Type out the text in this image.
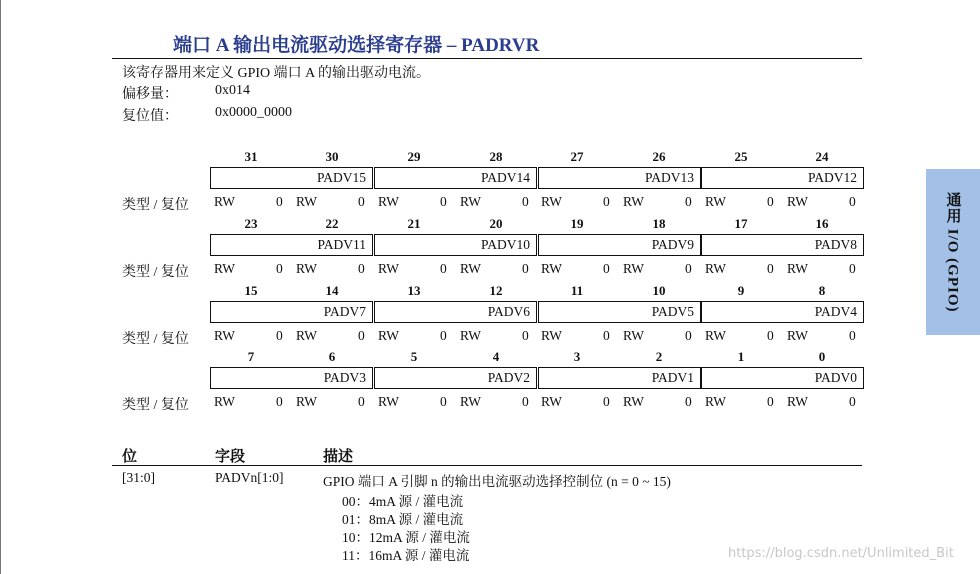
端口 A 输出电流驱动选择寄存器 – PADRVR
该寄存器用来定义 GPIO 端口 A 的输出驱动电流。
偏移量：	0x014
复位值：	0x0000_0000
31	30	29	28	27	26	25	24
PADV15	PADV14	PADV13	PADV12
类型 / 复位 RW	0 RW	0 RW	0 RW	0 RW	0 RW	0 RW	0 RW	0
23	22	21	20	19	18	17	16
PADV11	PADV10	PADV9	PADV8
类型 / 复位 RW	0 RW	0 RW	0 RW	0 RW	0 RW	0 RW	0 RW	0
15	14	13	12	11	10	9	8
PADV7	PADV6	PADV5	PADV4
类型 / 复位 RW	0 RW	0 RW	0 RW	0 RW	0 RW	0 RW	0 RW	0
7	6	5	4	3	2	1	0
PADV3	PADV2	PADV1	PADV0
类型 / 复位 RW	0 RW	0 RW	0 RW	0 RW	0 RW	0 RW	0 RW	0
位	字段	描述
[31:0]	PADVn[1:0]	GPIO 端口 A 引脚 n 的输出电流驱动选择控制位 (n = 0 ~ 15)
00：4mA 源 / 灌电流
01：8mA 源 / 灌电流
10：12mA 源 / 灌电流
11：16mA 源 / 灌电流
通用 I/O (GPIO)
https://blog.csdn.net/Unlimited_Bit
